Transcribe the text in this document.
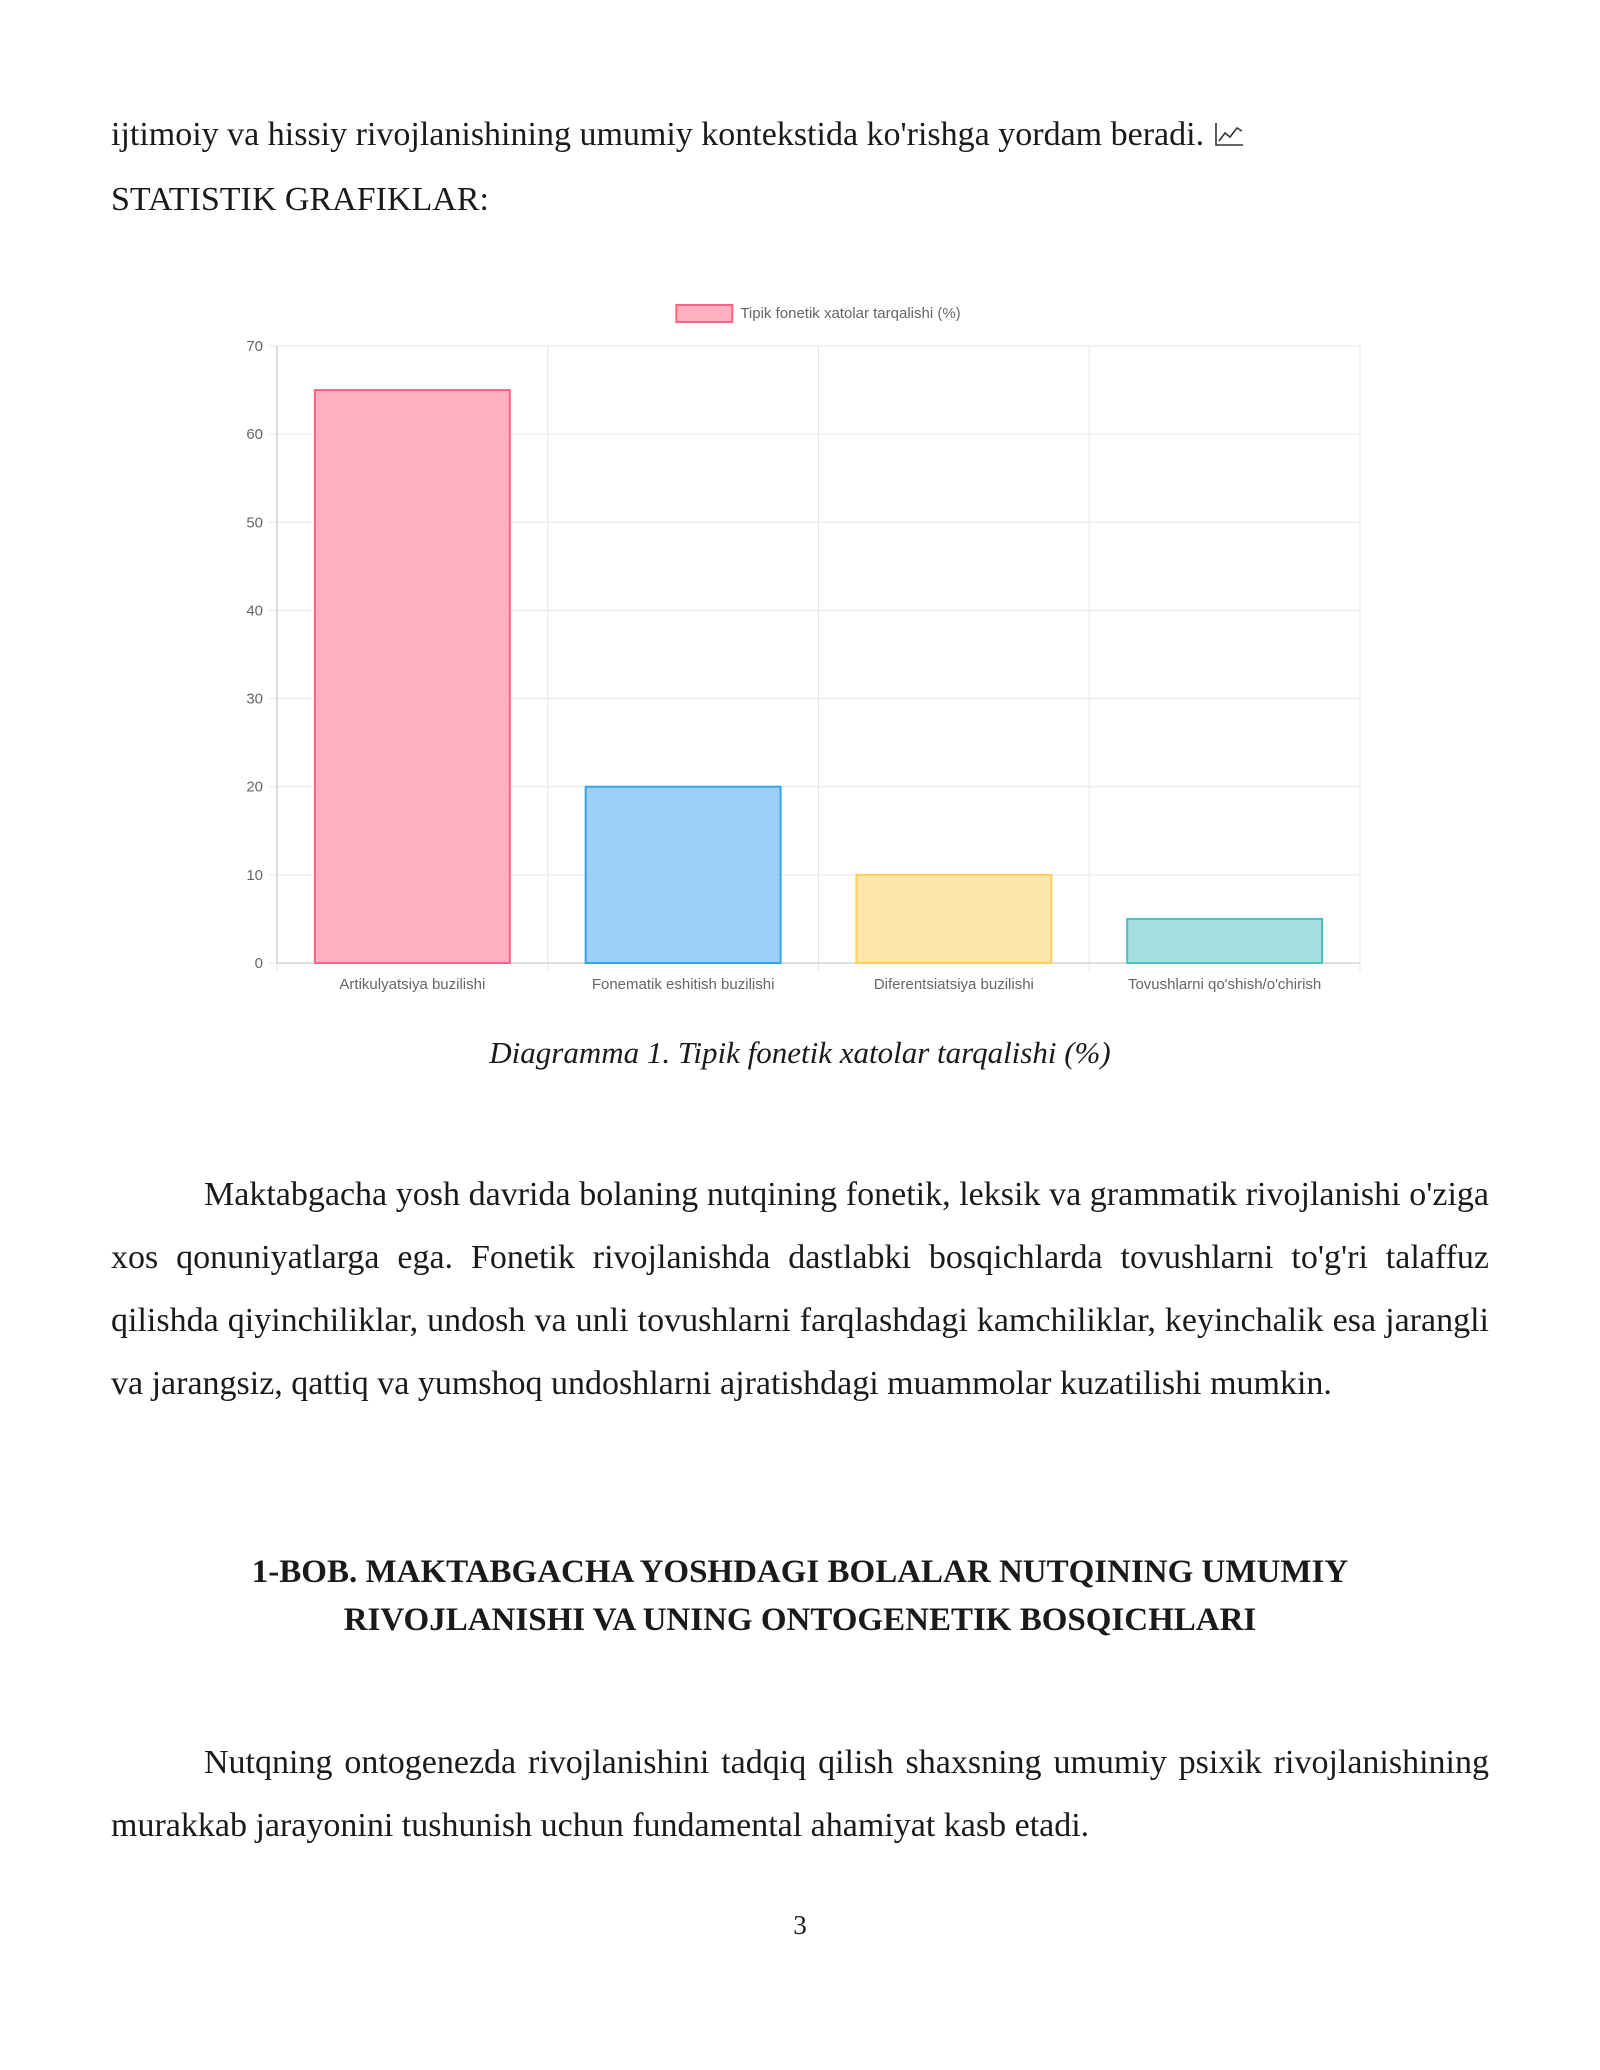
ijtimoiy va hissiy rivojlanishining umumiy kontekstida ko'rishga yordam beradi.
STATISTIK GRAFIKLAR:

0
10
20
30
40
50
60
70
Artikulyatsiya buzilishi	Fonematik eshitish buzilishi	Diferentsiatsiya buzilishi	Tovushlarni qo'shish/o'chirish
Tipik fonetik xatolar tarqalishi (%)

Diagramma 1. Tipik fonetik xatolar tarqalishi (%)

Maktabgacha yosh davrida bolaning nutqining fonetik, leksik va grammatik rivojlanishi o'ziga xos qonuniyatlarga ega. Fonetik rivojlanishda dastlabki bosqichlarda tovushlarni to'g'ri talaffuz qilishda qiyinchiliklar, undosh va unli tovushlarni farqlashdagi kamchiliklar, keyinchalik esa jarangli va jarangsiz, qattiq va yumshoq undoshlarni ajratishdagi muammolar kuzatilishi mumkin.

1-BOB. MAKTABGACHA YOSHDAGI BOLALAR NUTQINING UMUMIY
RIVOJLANISHI VA UNING ONTOGENETIK BOSQICHLARI

Nutqning ontogenezda rivojlanishini tadqiq qilish shaxsning umumiy psixik rivojlanishining murakkab jarayonini tushunish uchun fundamental ahamiyat kasb etadi.

3
